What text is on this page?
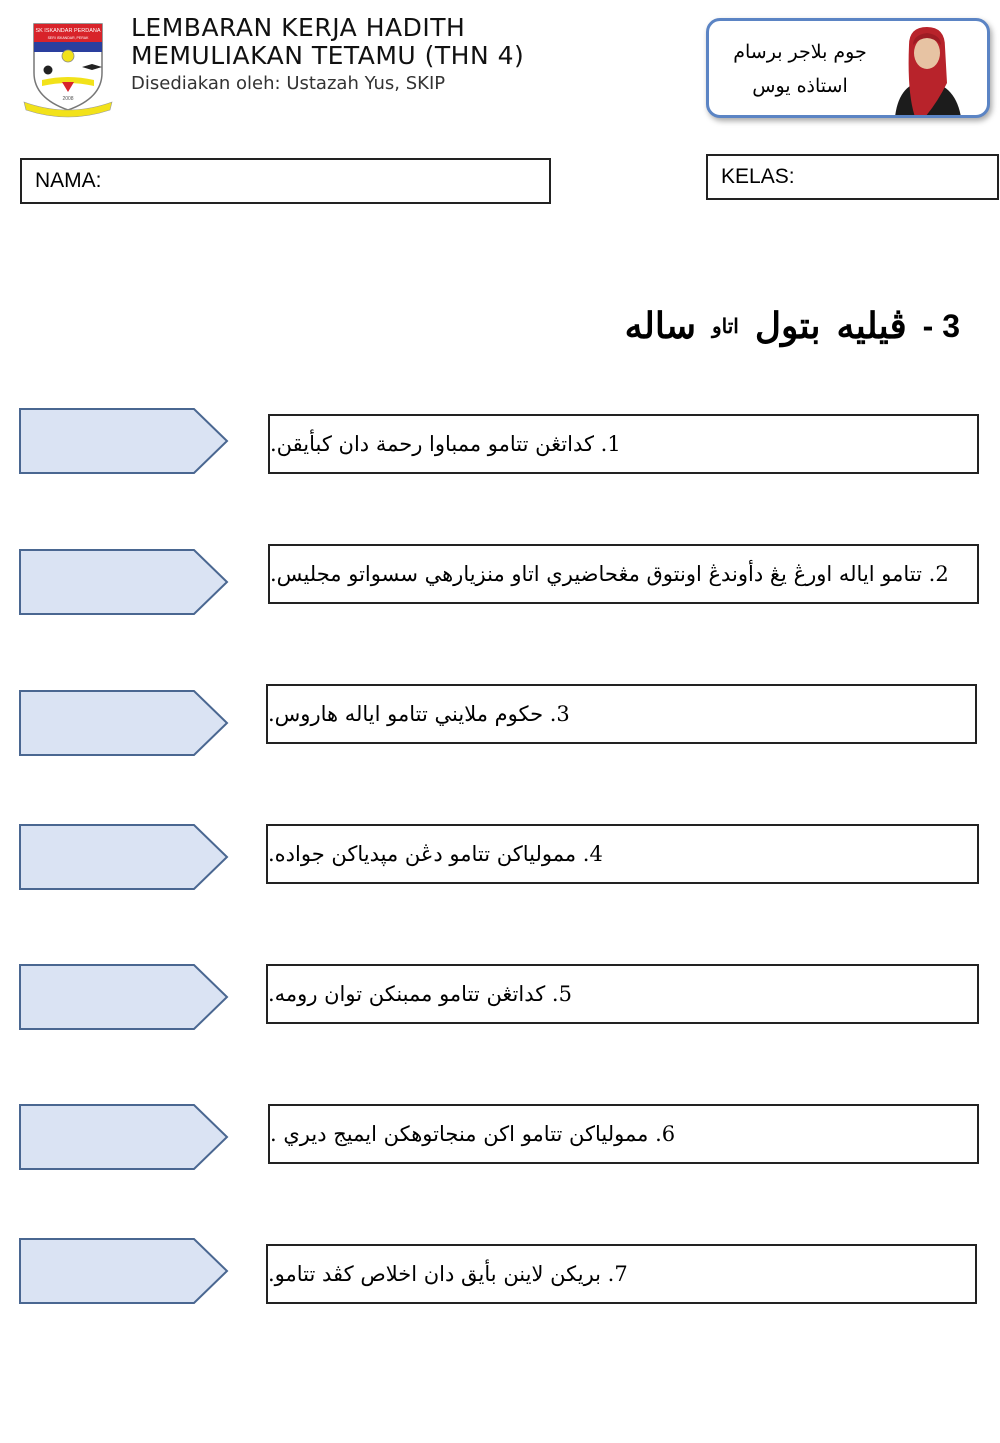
SK ISKANDAR PERDANA
SERI ISKANDAR, PERAK
2008
LEMBARAN KERJA HADITH
MEMULIAKAN TETAMU (THN 4)
Disediakan oleh: Ustazah Yus, SKIP
جوم بلاجر برسام
استاذه يوس
NAMA:	KELAS:
3 -
ڤيليه
بتول
اتاو
ساله
1. كداتڠن تتامو ممباوا رحمة دان كبأيقن.
2. تتامو اياله اورڠ يڠ دأوندڠ اونتوق مڠحاضيري اتاو منزيارهي سسواتو مجليس.
3. حكوم ملايني تتامو اياله هاروس.
4. مموليا‌كن تتامو دڠن مپدياكن جواده.
5. كداتڠن تتامو ممبنكن توان رومه.
6. مموليا‌كن تتامو اكن منجاتوهكن ايميج ديري .
7. بريكن لاينن بأيق دان اخلاص كڤد تتامو.
